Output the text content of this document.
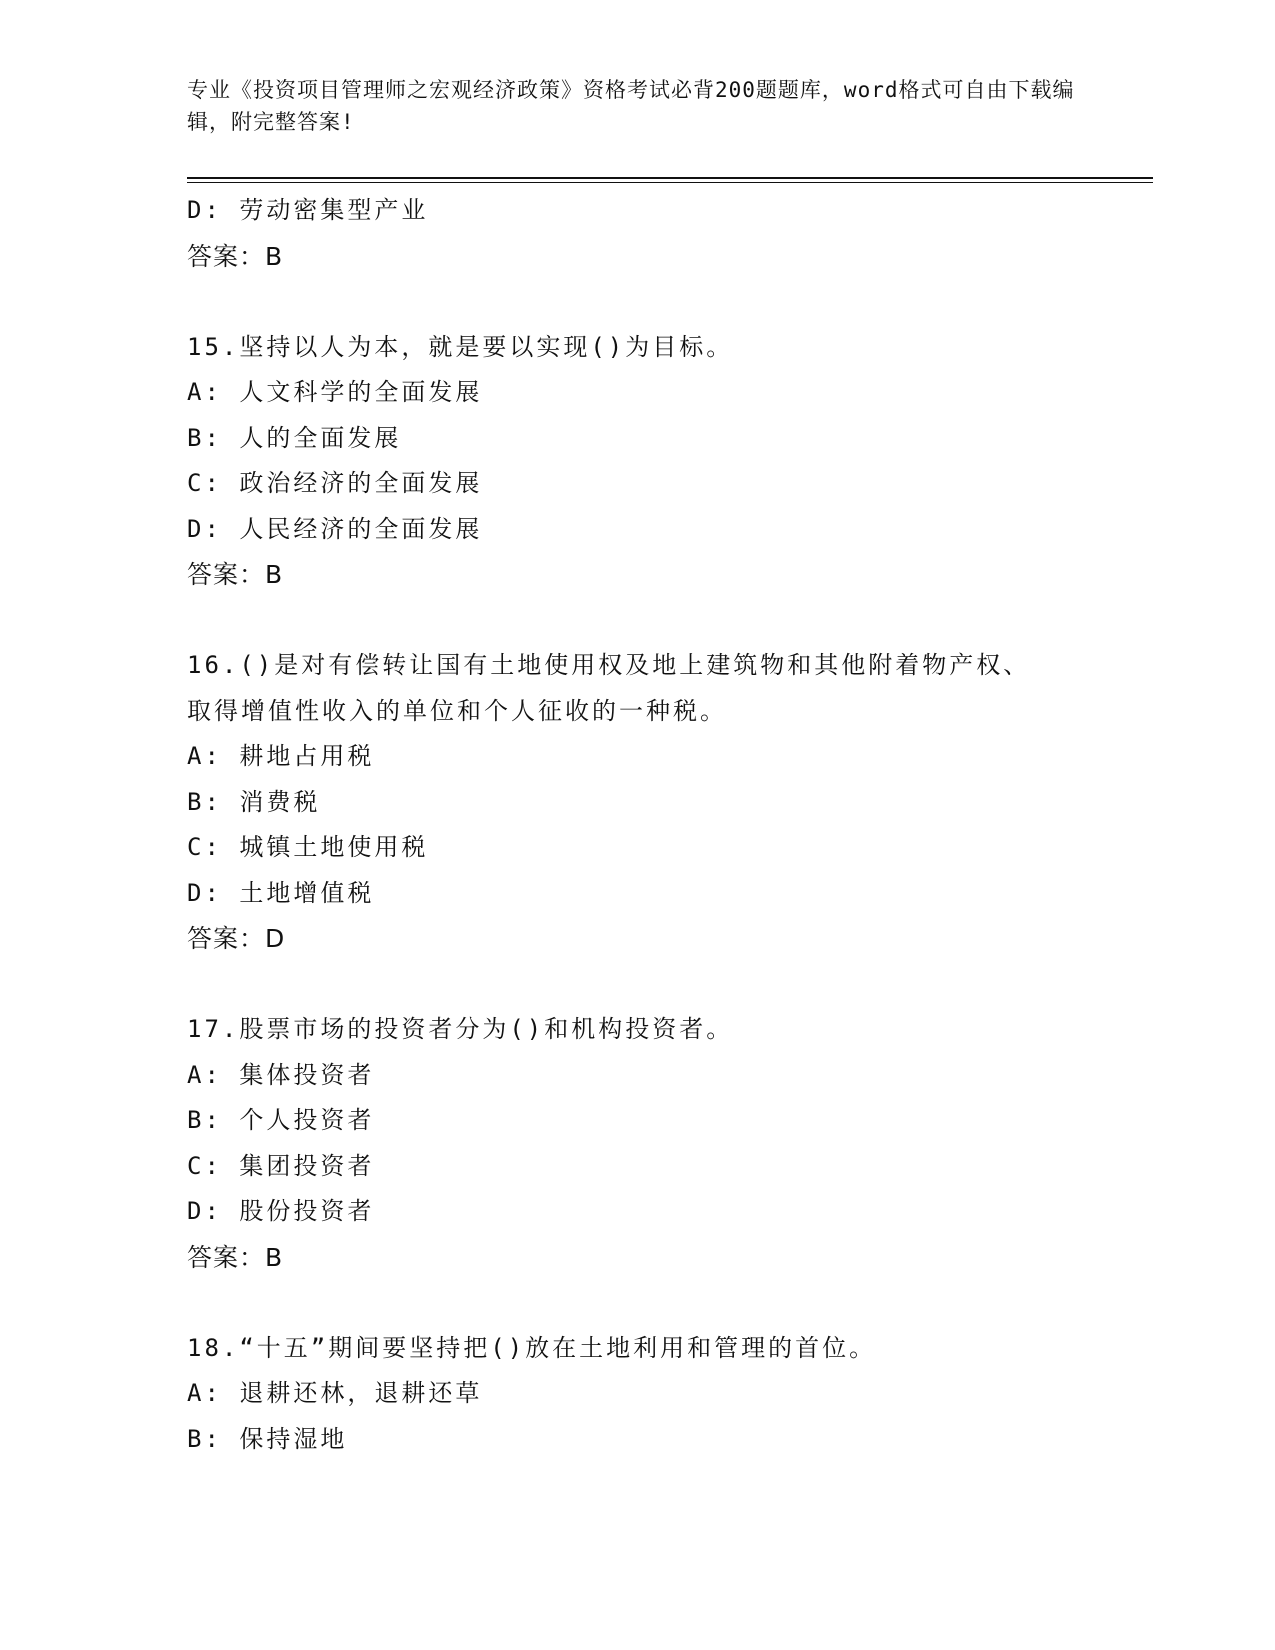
专业《投资项目管理师之宏观经济政策》资格考试必背200题题库，word格式可自由下载编辑，附完整答案!
D: 劳动密集型产业
答案：B
15.坚持以人为本，就是要以实现()为目标。
A: 人文科学的全面发展
B: 人的全面发展
C: 政治经济的全面发展
D: 人民经济的全面发展
答案：B
16.()是对有偿转让国有土地使用权及地上建筑物和其他附着物产权、
取得增值性收入的单位和个人征收的一种税。
A: 耕地占用税
B: 消费税
C: 城镇土地使用税
D: 土地增值税
答案：D
17.股票市场的投资者分为()和机构投资者。
A: 集体投资者
B: 个人投资者
C: 集团投资者
D: 股份投资者
答案：B
18.“十五”期间要坚持把()放在土地利用和管理的首位。
A: 退耕还林，退耕还草
B: 保持湿地
